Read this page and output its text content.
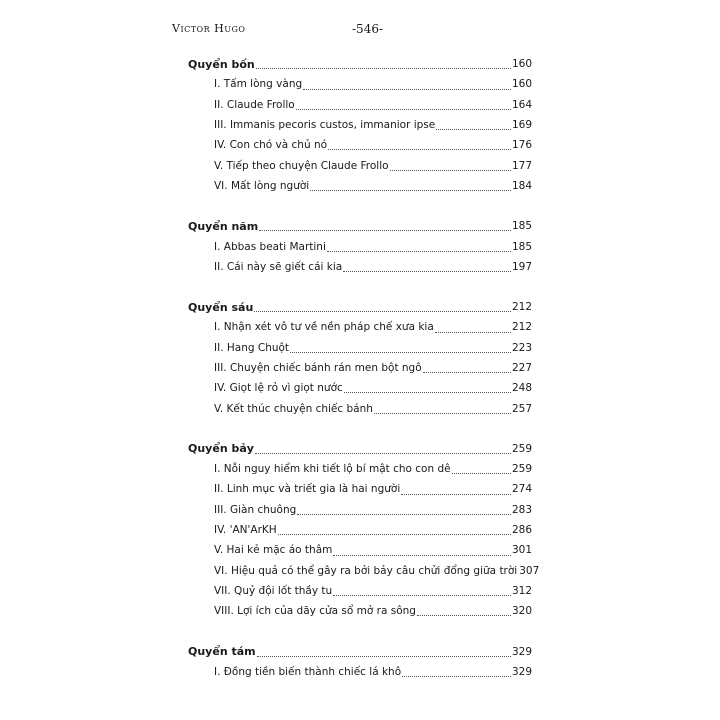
Victor Hugo	-546-
Quyển bốn	160
I. Tấm lòng vàng	160
II. Claude Frollo	164
III. Immanis pecoris custos, immanior ipse	169
IV. Con chó và chủ nó	176
V. Tiếp theo chuyện Claude Frollo	177
VI. Mất lòng người	184
Quyển năm	185
I. Abbas beati Martini	185
II. Cái này sẽ giết cái kia	197
Quyển sáu	212
I. Nhận xét vô tư về nền pháp chế xưa kia	212
II. Hang Chuột	223
III. Chuyện chiếc bánh rán men bột ngô	227
IV. Giọt lệ rỏ vì giọt nước	248
V. Kết thúc chuyện chiếc bánh	257
Quyển bảy	259
I. Nỗi nguy hiểm khi tiết lộ bí mật cho con dê	259
II. Linh mục và triết gia là hai người	274
III. Giàn chuông	283
IV. 'AN'ArKH	286
V. Hai kẻ mặc áo thâm	301
VI. Hiệu quả có thể gây ra bởi bảy câu chửi đổng giữa trời 307
VII. Quỷ đội lốt thầy tu	312
VIII. Lợi ích của dãy cửa sổ mở ra sông	320
Quyển tám	329
I. Đồng tiền biến thành chiếc lá khô	329
